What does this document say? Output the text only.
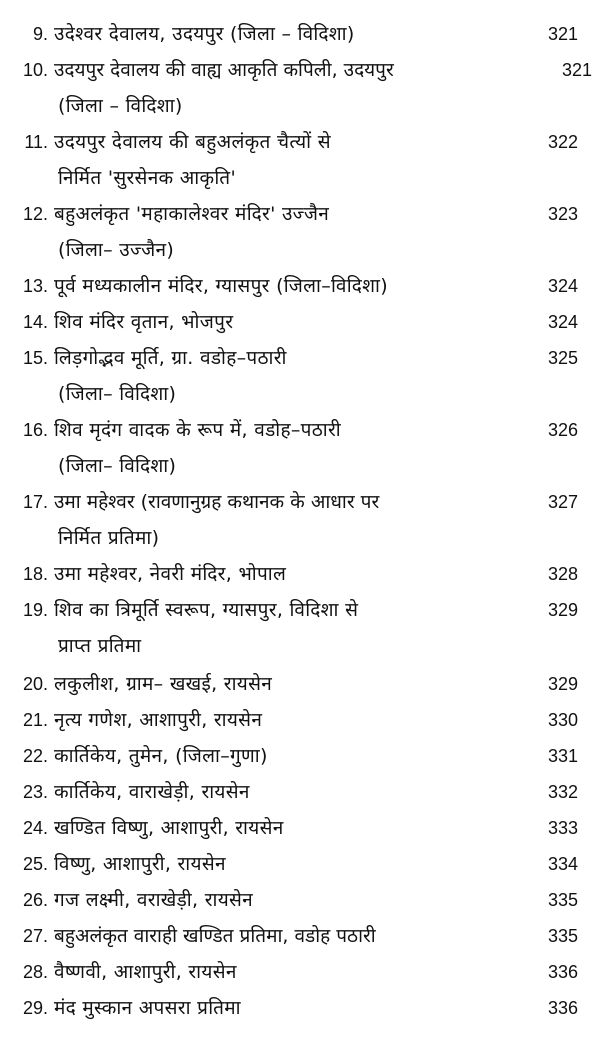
9. उदेश्वर देवालय, उदयपुर (जिला – विदिशा)	321
10. उदयपुर देवालय की वाह्य आकृति कपिली, उदयपुर	321
(जिला – विदिशा)
11. उदयपुर देवालय की बहुअलंकृत चैत्यों से	322
निर्मित 'सुरसेनक आकृति'
12. बहुअलंकृत 'महाकालेश्वर मंदिर' उज्जैन	323
(जिला– उज्जैन)
13. पूर्व मध्यकालीन मंदिर, ग्यासपुर (जिला–विदिशा)	324
14. शिव मंदिर वृतान, भोजपुर	324
15. लिड़गोद्भव मूर्ति, ग्रा. वडोह–पठारी	325
(जिला– विदिशा)
16. शिव मृदंग वादक के रूप में, वडोह–पठारी	326
(जिला– विदिशा)
17. उमा महेश्वर (रावणानुग्रह कथानक के आधार पर	327
निर्मित प्रतिमा)
18. उमा महेश्वर, नेवरी मंदिर, भोपाल	328
19. शिव का त्रिमूर्ति स्वरूप, ग्यासपुर, विदिशा से	329
प्राप्त प्रतिमा
20. लकुलीश, ग्राम– खखई, रायसेन	329
21. नृत्य गणेश, आशापुरी, रायसेन	330
22. कार्तिकेय, तुमेन, (जिला–गुणा)	331
23. कार्तिकेय, वाराखेड़ी, रायसेन	332
24. खण्डित विष्णु, आशापुरी, रायसेन	333
25. विष्णु, आशापुरी, रायसेन	334
26. गज लक्ष्मी, वराखेड़ी, रायसेन	335
27. बहुअलंकृत वाराही खण्डित प्रतिमा, वडोह पठारी	335
28. वैष्णवी, आशापुरी, रायसेन	336
29. मंद मुस्कान अपसरा प्रतिमा	336
